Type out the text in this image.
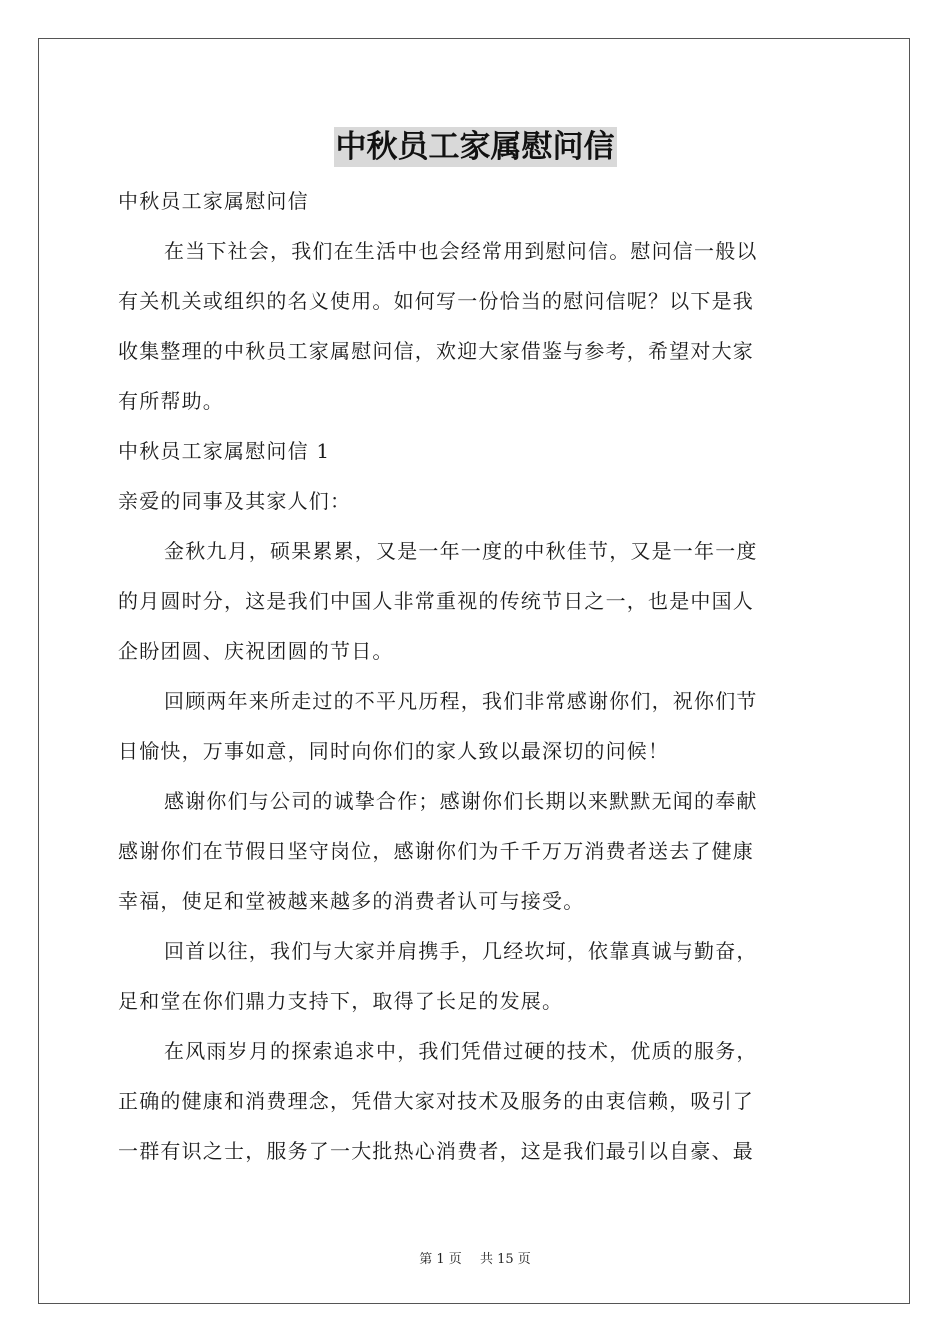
中秋员工家属慰问信
中秋员工家属慰问信
在当下社会，我们在生活中也会经常用到慰问信。慰问信一般以
有关机关或组织的名义使用。如何写一份恰当的慰问信呢？以下是我
收集整理的中秋员工家属慰问信，欢迎大家借鉴与参考，希望对大家
有所帮助。
中秋员工家属慰问信 1
亲爱的同事及其家人们：
金秋九月，硕果累累，又是一年一度的中秋佳节，又是一年一度
的月圆时分，这是我们中国人非常重视的传统节日之一，也是中国人
企盼团圆、庆祝团圆的节日。
回顾两年来所走过的不平凡历程，我们非常感谢你们，祝你们节
日愉快，万事如意，同时向你们的家人致以最深切的问候！
感谢你们与公司的诚挚合作；感谢你们长期以来默默无闻的奉献
感谢你们在节假日坚守岗位，感谢你们为千千万万消费者送去了健康
幸福，使足和堂被越来越多的消费者认可与接受。
回首以往，我们与大家并肩携手，几经坎坷，依靠真诚与勤奋，
足和堂在你们鼎力支持下，取得了长足的发展。
在风雨岁月的探索追求中，我们凭借过硬的技术，优质的服务，
正确的健康和消费理念，凭借大家对技术及服务的由衷信赖，吸引了
一群有识之士，服务了一大批热心消费者，这是我们最引以自豪、最
第 1 页 共 15 页
